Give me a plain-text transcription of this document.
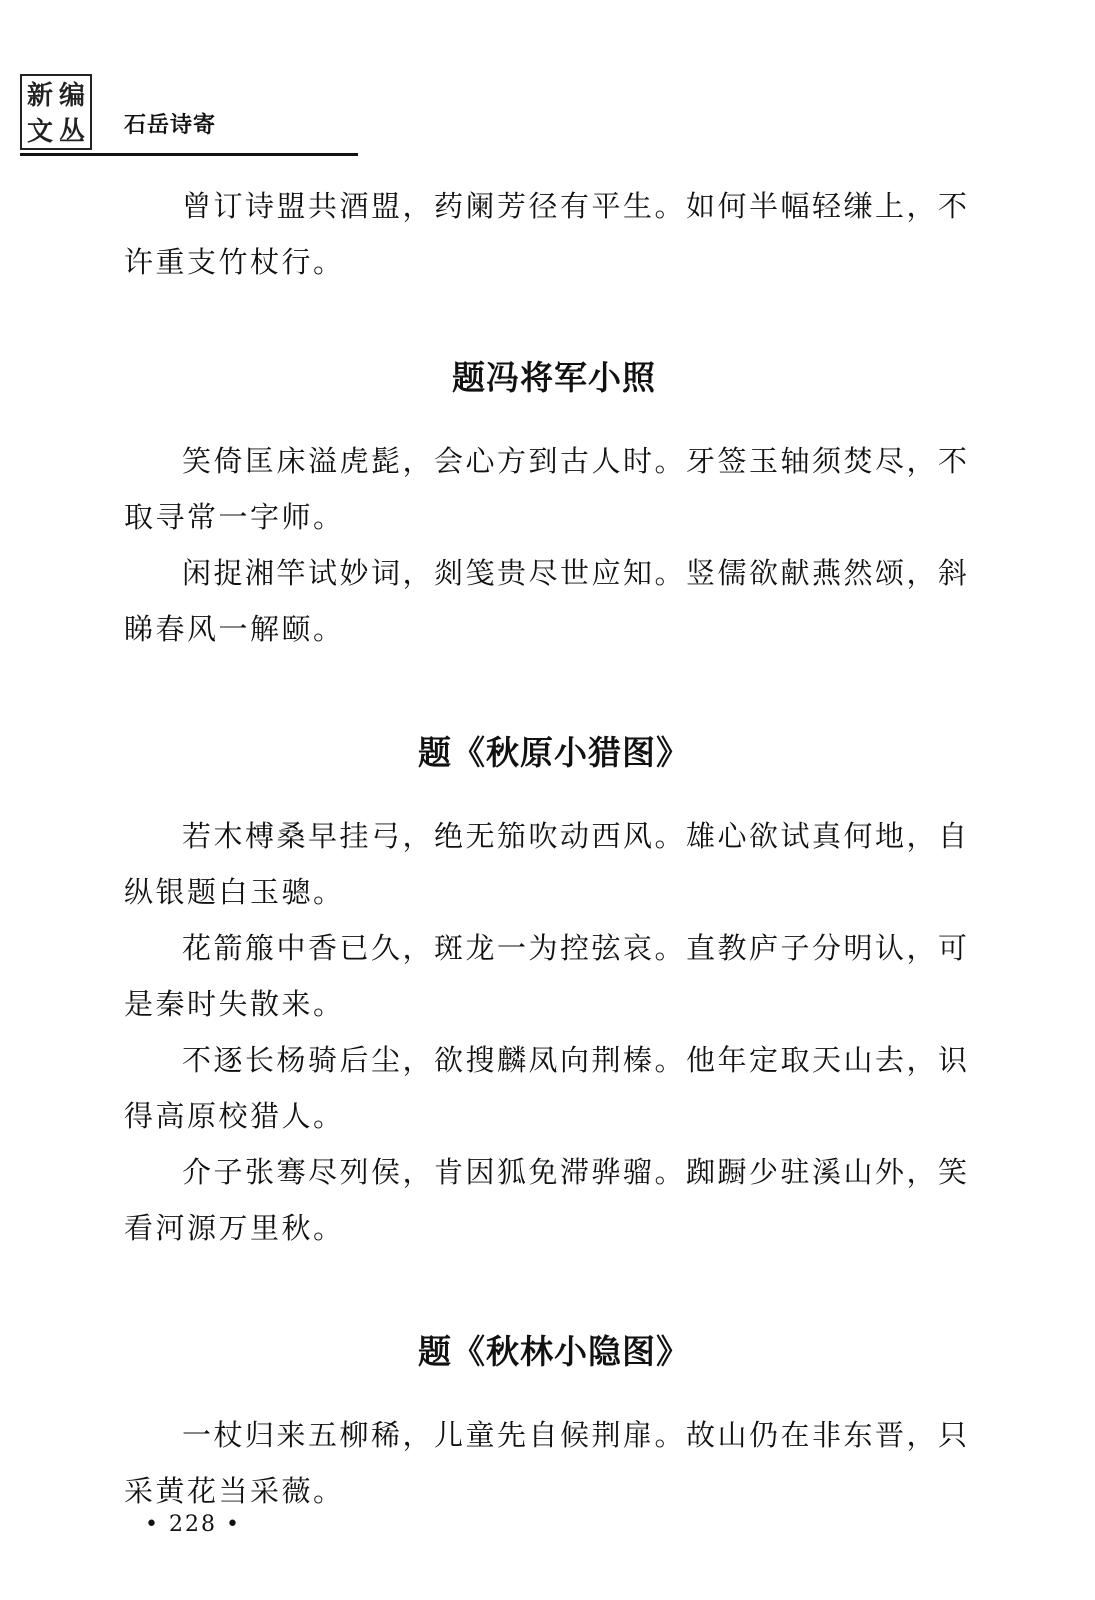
新 编
文 丛 石岳诗寄

曾订诗盟共酒盟，药阑芳径有平生。如何半幅轻缣上，不许重支竹杖行。

题冯将军小照

笑倚匡床溢虎髭，会心方到古人时。牙签玉轴须焚尽，不取寻常一字师。

闲捉湘竿试妙词，剡笺贵尽世应知。竖儒欲献燕然颂，斜睇春风一解颐。

题《秋原小猎图》

若木榑桑早挂弓，绝无笳吹动西风。雄心欲试真何地，自纵银题白玉骢。

花箭箙中香已久，斑龙一为控弦哀。直教庐子分明认，可是秦时失散来。

不逐长杨骑后尘，欲搜麟凤向荆榛。他年定取天山去，识得高原校猎人。

介子张骞尽列侯，肯因狐免滞骅骝。踟蹰少驻溪山外，笑看河源万里秋。

题《秋林小隐图》

一杖归来五柳稀，儿童先自候荆扉。故山仍在非东晋，只采黄花当采薇。

• 228 •
